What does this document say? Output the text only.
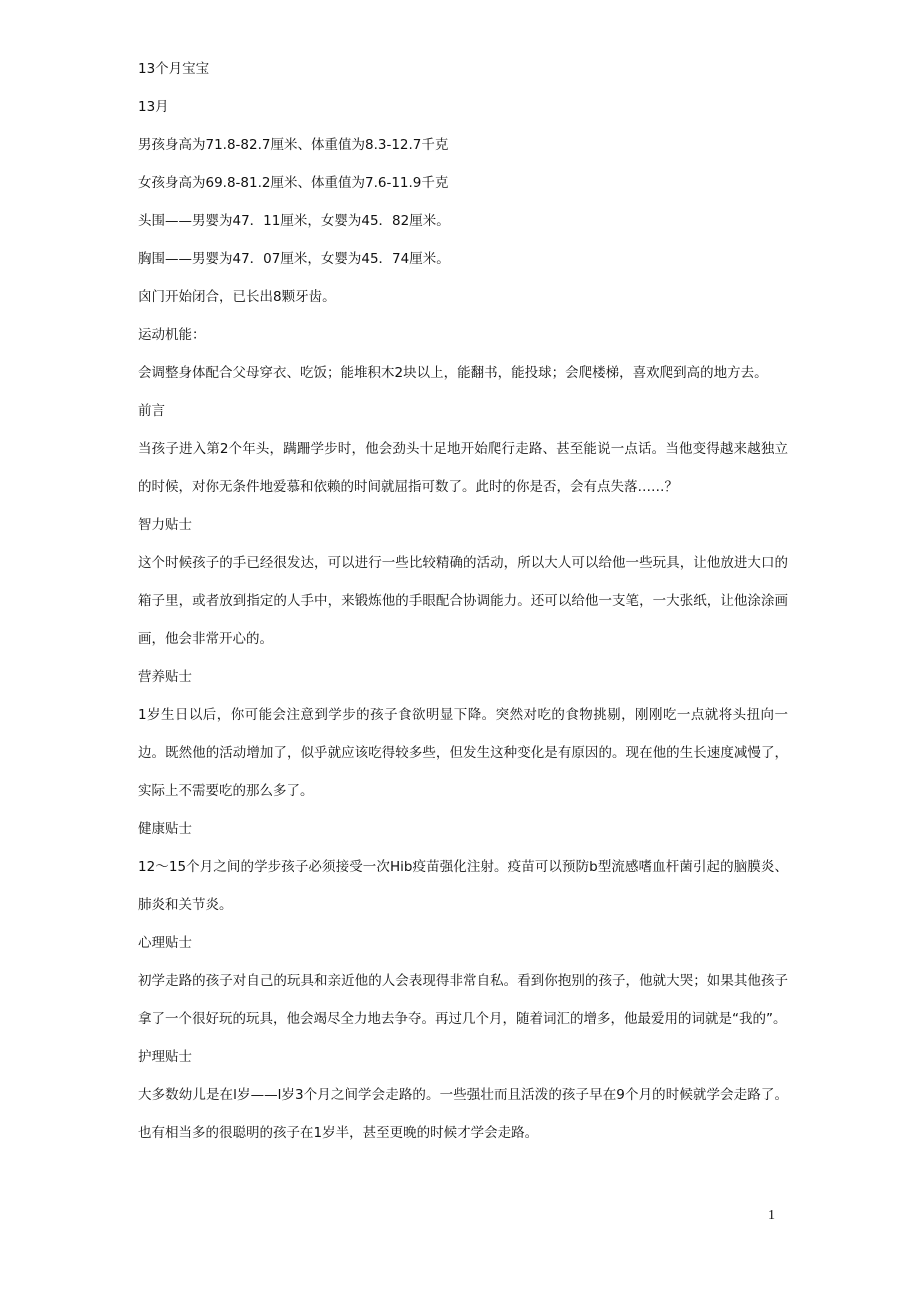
13个月宝宝

13月

男孩身高为71.8-82.7厘米、体重值为8.3-12.7千克

女孩身高为69.8-81.2厘米、体重值为7.6-11.9千克

头围——男婴为47．11厘米，女婴为45．82厘米。

胸围——男婴为47．07厘米，女婴为45．74厘米。

囟门开始闭合，已长出8颗牙齿。

运动机能：

会调整身体配合父母穿衣、吃饭；能堆积木2块以上，能翻书，能投球；会爬楼梯，喜欢爬到高的地方去。

前言

当孩子进入第2个年头，蹒跚学步时，他会劲头十足地开始爬行走路、甚至能说一点话。当他变得越来越独立的时候，对你无条件地爱慕和依赖的时间就屈指可数了。此时的你是否，会有点失落……？

智力贴士

这个时候孩子的手已经很发达，可以进行一些比较精确的活动，所以大人可以给他一些玩具，让他放进大口的箱子里，或者放到指定的人手中，来锻炼他的手眼配合协调能力。还可以给他一支笔，一大张纸，让他涂涂画画，他会非常开心的。

营养贴士

1岁生日以后，你可能会注意到学步的孩子食欲明显下降。突然对吃的食物挑剔，刚刚吃一点就将头扭向一边。既然他的活动增加了，似乎就应该吃得较多些，但发生这种变化是有原因的。现在他的生长速度减慢了，实际上不需要吃的那么多了。

健康贴士

12～15个月之间的学步孩子必须接受一次Hib疫苗强化注射。疫苗可以预防b型流感嗜血杆菌引起的脑膜炎、肺炎和关节炎。

心理贴士

初学走路的孩子对自己的玩具和亲近他的人会表现得非常自私。看到你抱别的孩子，他就大哭；如果其他孩子拿了一个很好玩的玩具，他会竭尽全力地去争夺。再过几个月，随着词汇的增多，他最爱用的词就是“我的”。

护理贴士

大多数幼儿是在l岁——l岁3个月之间学会走路的。一些强壮而且活泼的孩子早在9个月的时候就学会走路了。也有相当多的很聪明的孩子在1岁半，甚至更晚的时候才学会走路。

1
